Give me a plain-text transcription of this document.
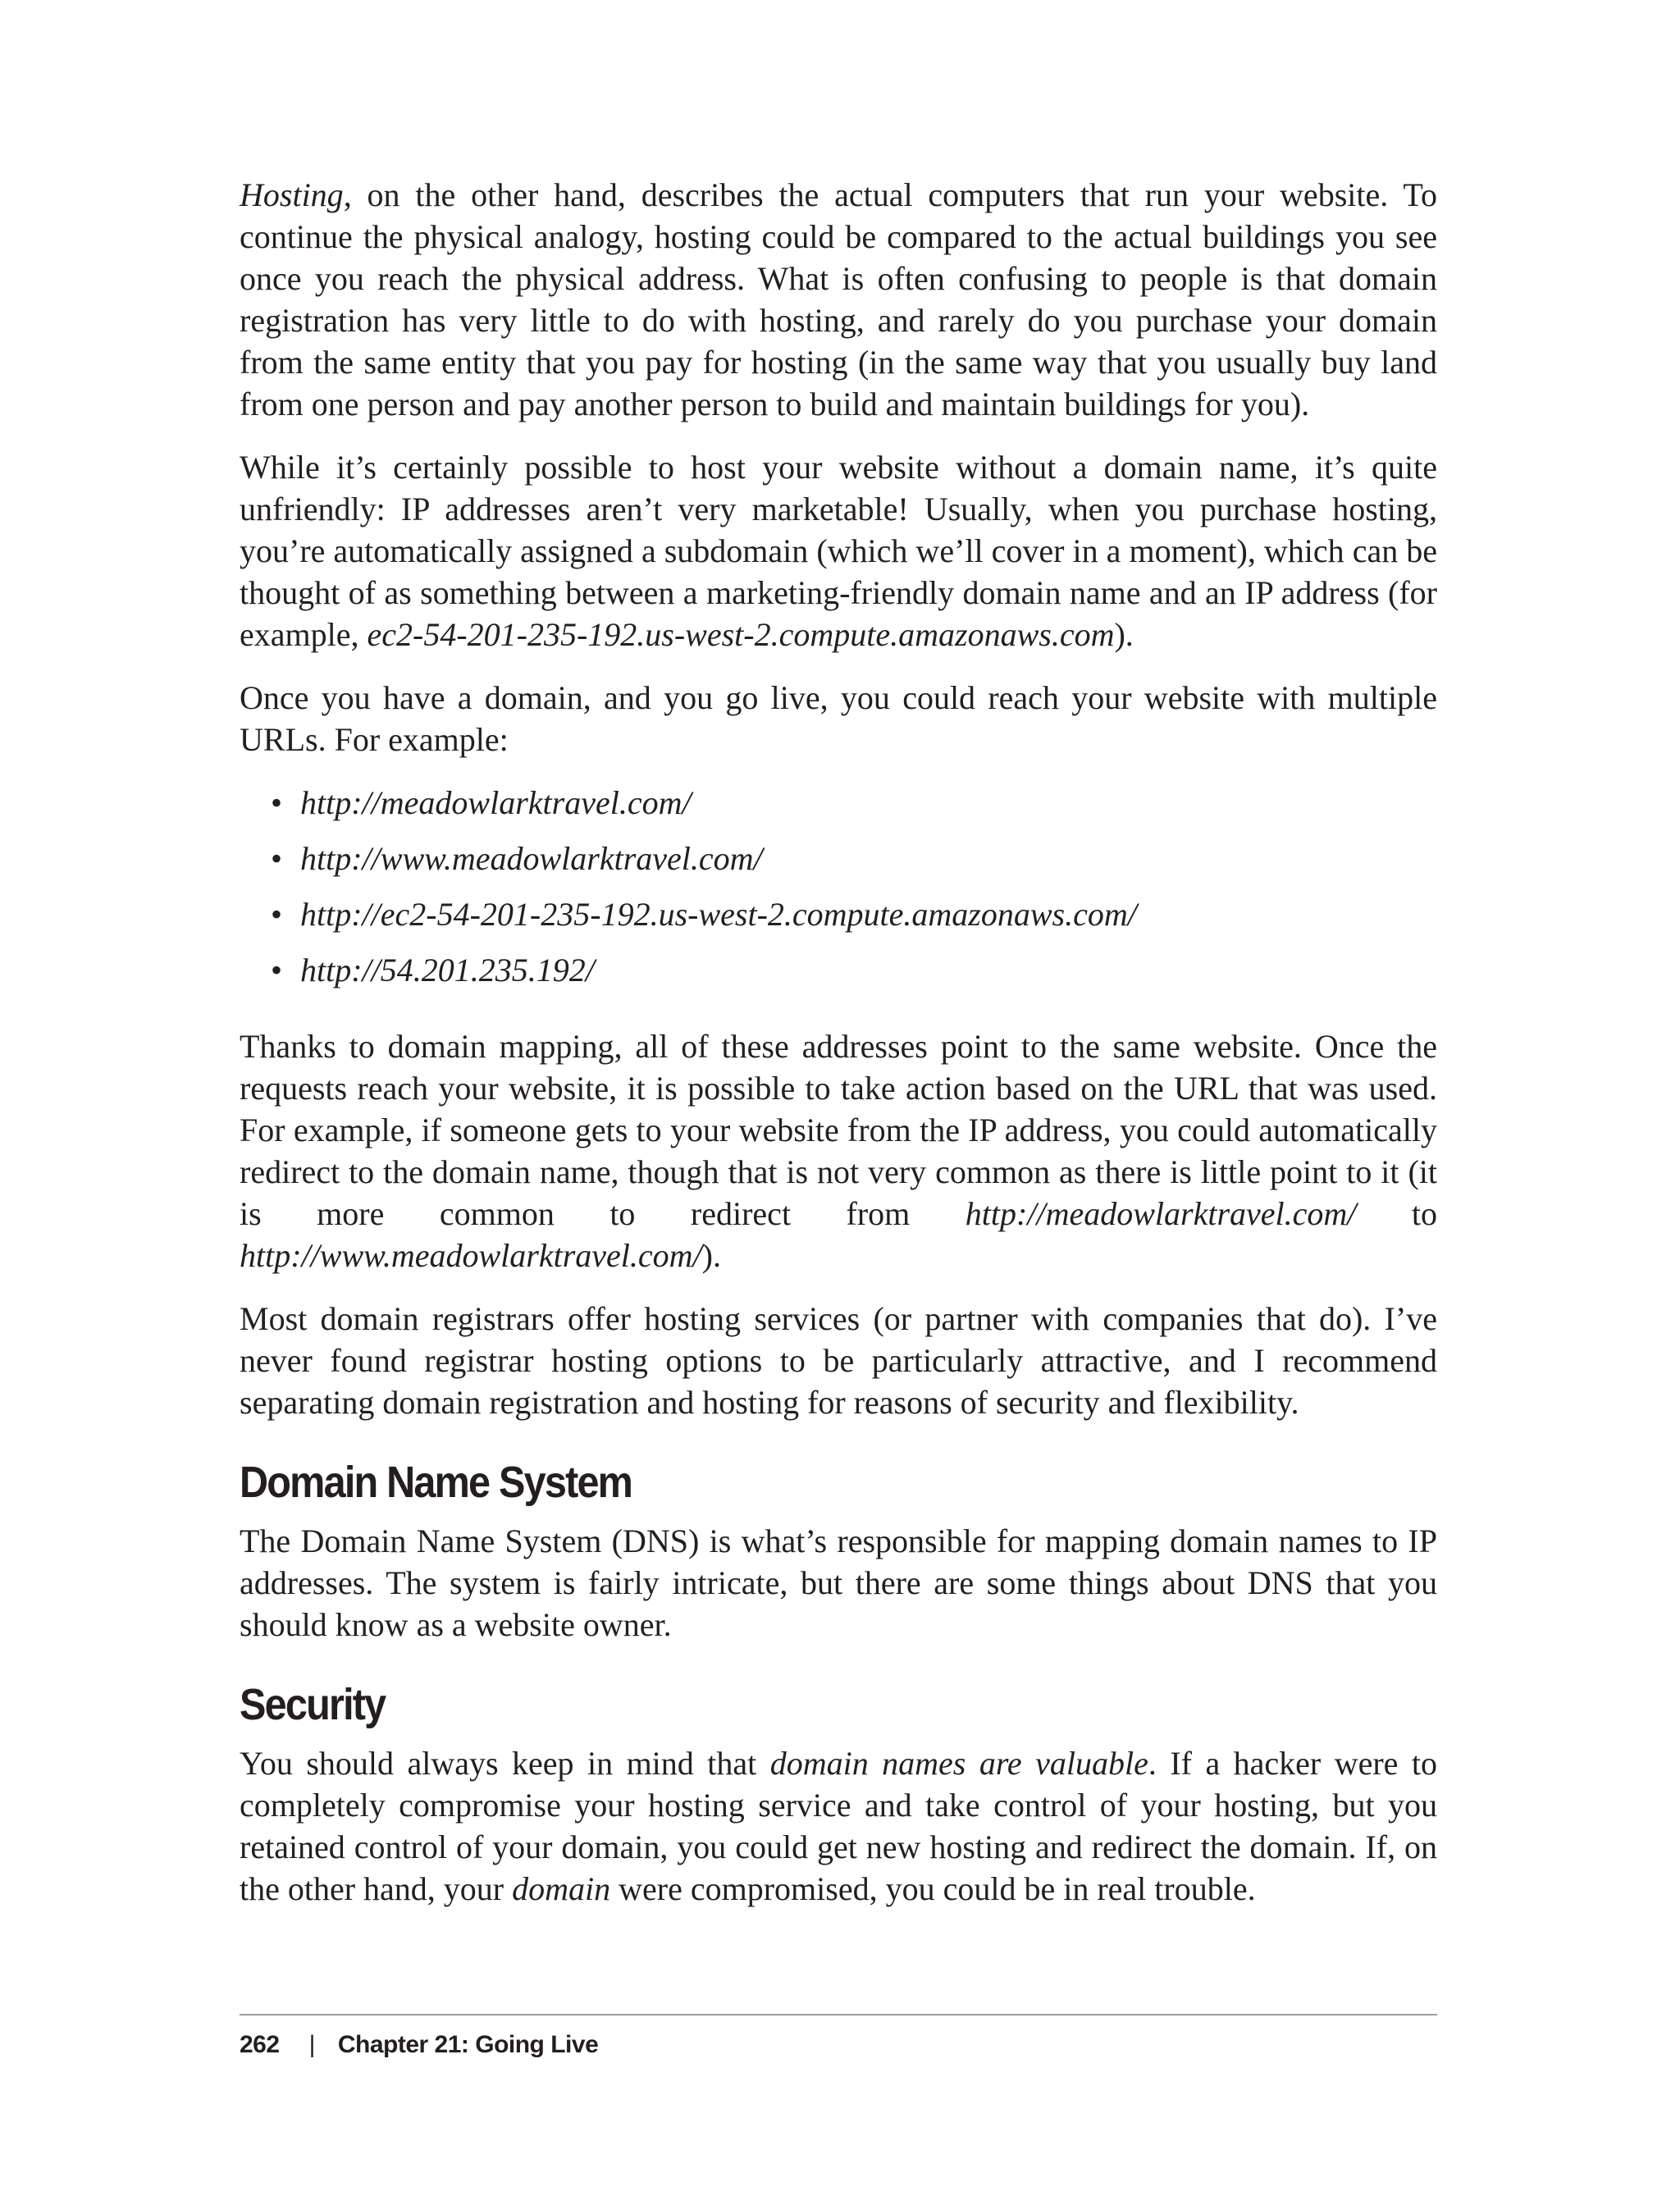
Hosting, on the other hand, describes the actual computers that run your website. To continue the physical analogy, hosting could be compared to the actual buildings you see once you reach the physical address. What is often confusing to people is that domain registration has very little to do with hosting, and rarely do you purchase your domain from the same entity that you pay for hosting (in the same way that you usually buy land from one person and pay another person to build and maintain buildings for you).

While it’s certainly possible to host your website without a domain name, it’s quite unfriendly: IP addresses aren’t very marketable! Usually, when you purchase hosting, you’re automatically assigned a subdomain (which we’ll cover in a moment), which can be thought of as something between a marketing-friendly domain name and an IP address (for example, ec2-54-201-235-192.us-west-2.compute.amazonaws.com).

Once you have a domain, and you go live, you could reach your website with multiple URLs. For example:

• http://meadowlarktravel.com/
• http://www.meadowlarktravel.com/
• http://ec2-54-201-235-192.us-west-2.compute.amazonaws.com/
• http://54.201.235.192/

Thanks to domain mapping, all of these addresses point to the same website. Once the requests reach your website, it is possible to take action based on the URL that was used. For example, if someone gets to your website from the IP address, you could automatically redirect to the domain name, though that is not very common as there is little point to it (it is more common to redirect from http://meadowlarktravel.com/ to http://www.meadowlarktravel.com/).

Most domain registrars offer hosting services (or partner with companies that do). I’ve never found registrar hosting options to be particularly attractive, and I recommend separating domain registration and hosting for reasons of security and flexibility.

Domain Name System

The Domain Name System (DNS) is what’s responsible for mapping domain names to IP addresses. The system is fairly intricate, but there are some things about DNS that you should know as a website owner.

Security

You should always keep in mind that domain names are valuable. If a hacker were to completely compromise your hosting service and take control of your hosting, but you retained control of your domain, you could get new hosting and redirect the domain. If, on the other hand, your domain were compromised, you could be in real trouble.

262 | Chapter 21: Going Live
